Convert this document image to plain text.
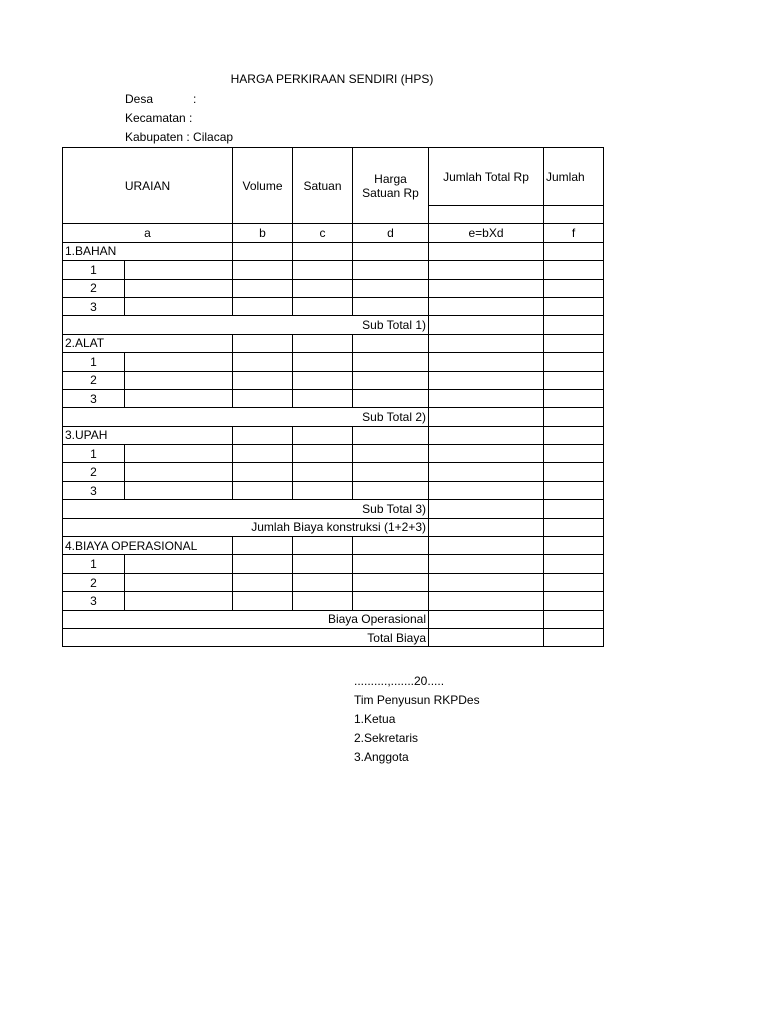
HARGA PERKIRAAN SENDIRI (HPS)
Desa	:
Kecamatan :
Kabupaten : Cilacap
URAIAN		Volume	Satuan	Harga Satuan Rp	Jumlah Total Rp	Jumlah

a		b	c	d	e=bXd	f
1.BAHAN						
1						
2						
3						
Sub Total 1)						
2.ALAT						
1						
2						
3						
Sub Total 2)						
3.UPAH						
1						
2						
3						
Sub Total 3)						
Jumlah Biaya konstruksi (1+2+3)						
4.BIAYA OPERASIONAL						
1						
2						
3						
Biaya Operasional						
Total Biaya						
..........,.......20.....
Tim Penyusun RKPDes
1.Ketua
2.Sekretaris
3.Anggota
